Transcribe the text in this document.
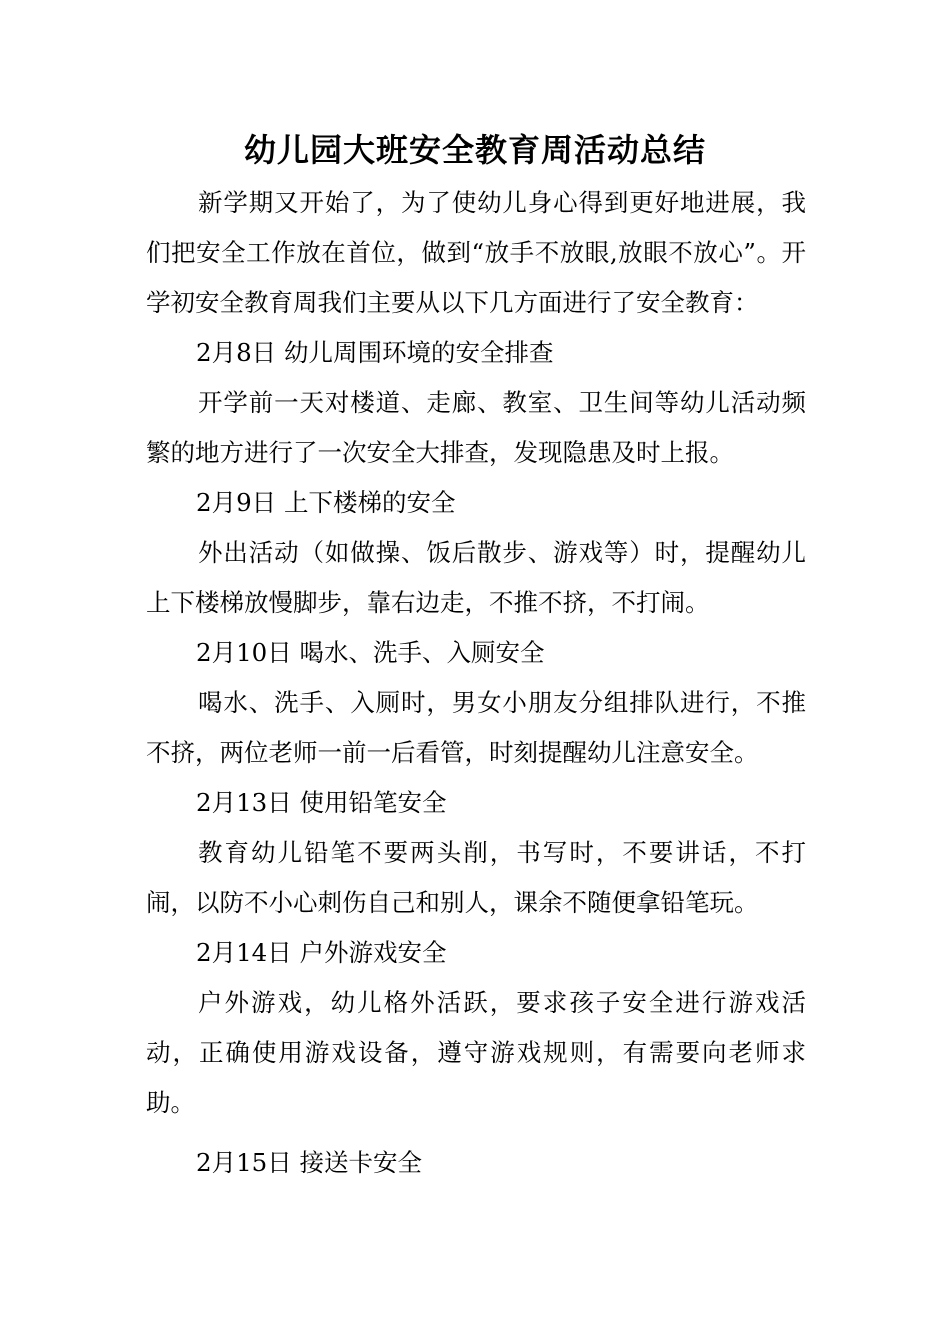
幼儿园大班安全教育周活动总结

新学期又开始了，为了使幼儿身心得到更好地进展，我们把安全工作放在首位，做到“放手不放眼,放眼不放心”。开学初安全教育周我们主要从以下几方面进行了安全教育：

2月8日 幼儿周围环境的安全排查

开学前一天对楼道、走廊、教室、卫生间等幼儿活动频繁的地方进行了一次安全大排查，发现隐患及时上报。

2月9日 上下楼梯的安全

外出活动（如做操、饭后散步、游戏等）时，提醒幼儿上下楼梯放慢脚步，靠右边走，不推不挤，不打闹。

2月10日 喝水、洗手、入厕安全

喝水、洗手、入厕时，男女小朋友分组排队进行，不推不挤，两位老师一前一后看管，时刻提醒幼儿注意安全。

2月13日 使用铅笔安全

教育幼儿铅笔不要两头削，书写时，不要讲话，不打闹，以防不小心刺伤自己和别人，课余不随便拿铅笔玩。

2月14日 户外游戏安全

户外游戏，幼儿格外活跃，要求孩子安全进行游戏活动，正确使用游戏设备，遵守游戏规则，有需要向老师求助。

2月15日 接送卡安全
